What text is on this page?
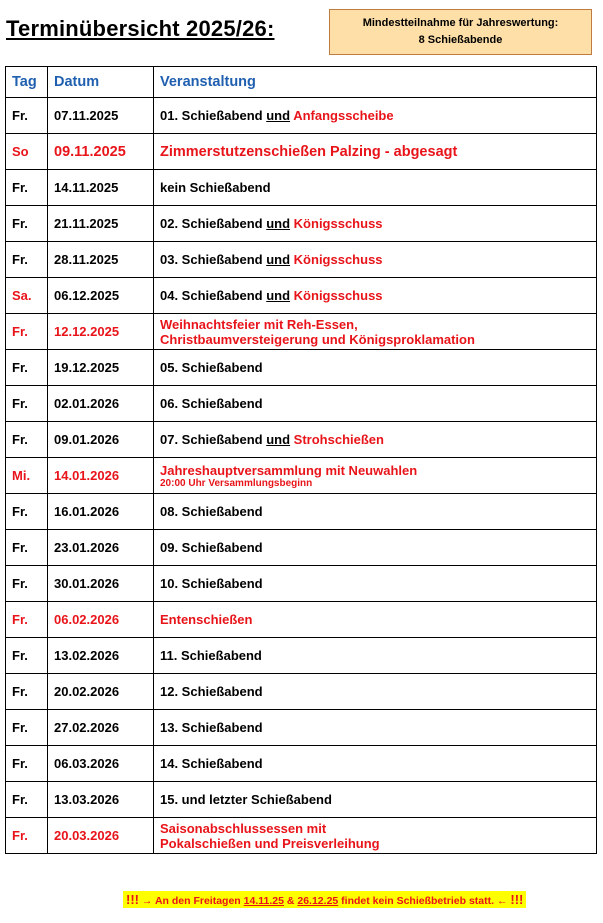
Terminübersicht 2025/26:	Mindestteilnahme für Jahreswertung:
8 Schießabende
Tag	Datum	Veranstaltung
Fr.	07.11.2025	01. Schießabend und Anfangsscheibe
So	09.11.2025	Zimmerstutzenschießen Palzing - abgesagt
Fr.	14.11.2025	kein Schießabend
Fr.	21.11.2025	02. Schießabend und Königsschuss
Fr.	28.11.2025	03. Schießabend und Königsschuss
Sa.	06.12.2025	04. Schießabend und Königsschuss
Fr.	12.12.2025	Weihnachtsfeier mit Reh-Essen,
Christbaumversteigerung und Königsproklamation
Fr.	19.12.2025	05. Schießabend
Fr.	02.01.2026	06. Schießabend
Fr.	09.01.2026	07. Schießabend und Strohschießen
Mi.	14.01.2026	Jahreshauptversammlung mit Neuwahlen
20:00 Uhr Versammlungsbeginn

Fr.	16.01.2026	08. Schießabend
Fr.	23.01.2026	09. Schießabend
Fr.	30.01.2026	10. Schießabend
Fr.	06.02.2026	Entenschießen
Fr.	13.02.2026	11. Schießabend
Fr.	20.02.2026	12. Schießabend
Fr.	27.02.2026	13. Schießabend
Fr.	06.03.2026	14. Schießabend
Fr.	13.03.2026	15. und letzter Schießabend
Fr.	20.03.2026	Saisonabschlussessen mit
Pokalschießen und Preisverleihung
!!! → An den Freitagen 14.11.25 & 26.12.25 findet kein Schießbetrieb statt. ← !!!
